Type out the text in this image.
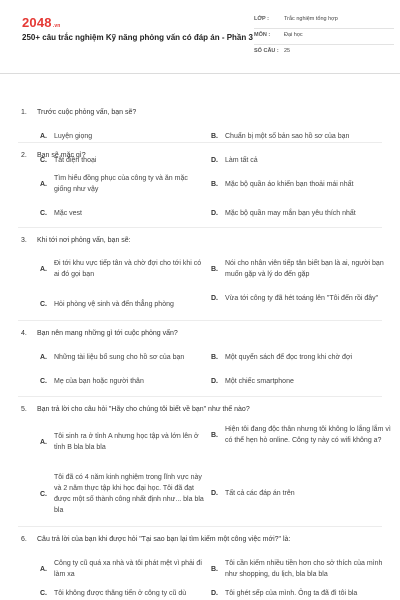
2048.vn
250+ câu trắc nghiệm Kỹ năng phỏng vấn có đáp án - Phần 3
LỚP :	Trắc nghiệm tổng hợp
MÔN :	Đại học
SỐ CÂU : 25
1. Trước cuộc phỏng vấn, bạn sẽ?
A.	Luyện giọng	B.	Chuẩn bị một số bản sao hồ sơ của bạn
C.	Tắt điện thoại	D.	Làm tất cả
2. Bạn sẽ mặc gì?
A.
Tìm hiểu đồng phục của công ty và ăn mặc giống như vậy
B.	Mặc bộ quần áo khiến bạn thoải mái nhất
C.	Mặc vest	D.	Mặc bộ quần may mắn bạn yêu thích nhất
3. Khi tới nơi phỏng vấn, bạn sẽ:
A.
Đi tới khu vực tiếp tân và chờ đợi cho tới khi có ai đó gọi bạn
B.
Nói cho nhân viên tiếp tân biết bạn là ai, người bạn muốn gặp và lý do đến gặp
C.	Hỏi phòng vệ sinh và đến thẳng phòng
D.	Vừa tới công ty đã hét toáng lên "Tôi đến rồi đây"
4. Bạn nên mang những gì tới cuộc phỏng vấn?
A.	Những tài liệu bổ sung cho hồ sơ của bạn	B.	Một quyển sách để đọc trong khi chờ đợi
C.	Mẹ của bạn hoặc người thân	D.	Một chiếc smartphone
5. Bạn trả lời cho câu hỏi "Hãy cho chúng tôi biết về bạn" như thế nào?
A.
Tôi sinh ra ở tỉnh A nhưng học tập và lớn lên ở tỉnh B bla bla bla
B.
Hiện tôi đang độc thân nhưng tôi không lo lắng lắm vì có thể hẹn hò online. Công ty này có wifi không a?
C.
Tôi đã có 4 năm kinh nghiệm trong lĩnh vực này và 2 năm thực tập khi học đại học. Tôi đã đạt được một số thành công nhất định như... bla bla bla
D.	Tất cả các đáp án trên
6. Câu trả lời của bạn khi được hỏi "Tại sao bạn lại tìm kiếm một công việc mới?" là:
A.
Công ty cũ quá xa nhà và tôi phát mệt vì phải đi làm xa
B.
Tôi cần kiếm nhiều tiền hơn cho sở thích của mình như shopping, du lịch, bla bla bla
C.	Tôi không được thăng tiến ở công ty cũ dù	D.	Tôi ghét sếp của mình. Ông ta đã đì tôi bla
